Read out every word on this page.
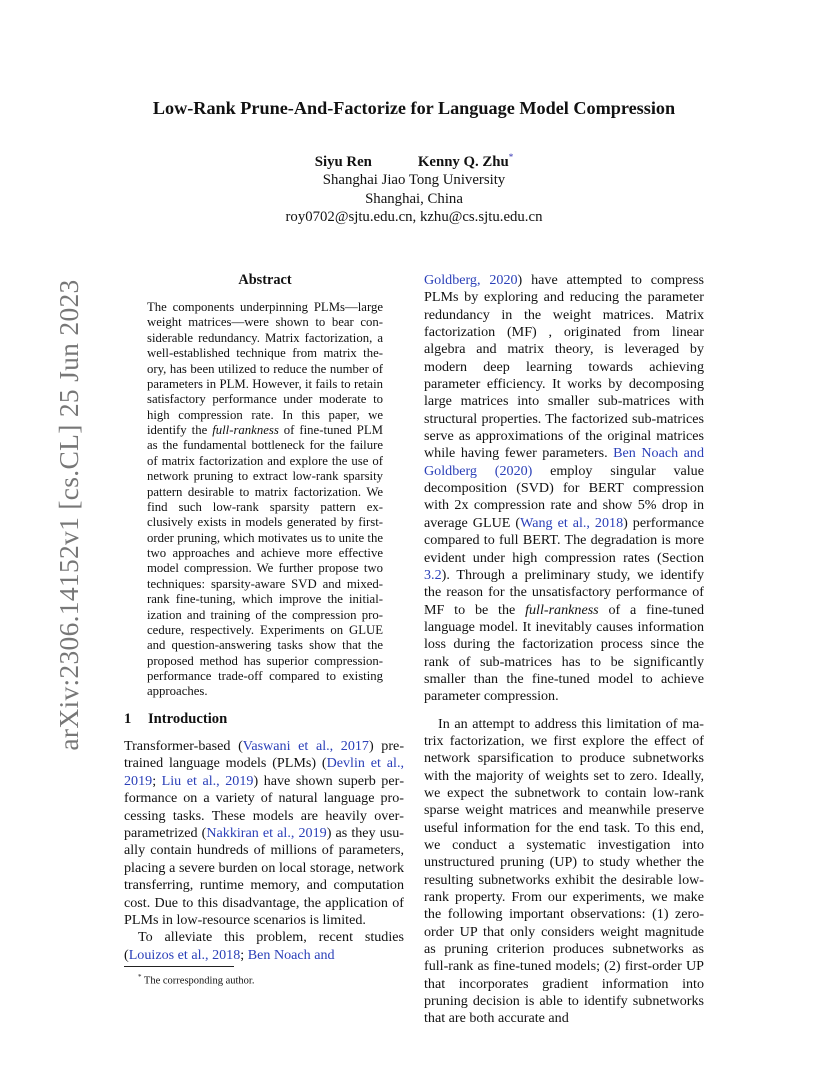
arXiv:2306.14152v1 [cs.CL] 25 Jun 2023
Low-Rank Prune-And-Factorize for Language Model Compression
Siyu Ren	Kenny Q. Zhu*
Shanghai Jiao Tong University
Shanghai, China
roy0702@sjtu.edu.cn, kzhu@cs.sjtu.edu.cn
Abstract

The components underpinning PLMs—large weight matrices—were shown to bear considerable redundancy. Matrix factorization, a well-established technique from matrix theory, has been utilized to reduce the number of parameters in PLM. However, it fails to retain satisfactory performance under moderate to high compression rate. In this paper, we identify the full-rankness of fine-tuned PLM as the fundamental bottleneck for the failure of matrix factorization and explore the use of network pruning to extract low-rank sparsity pattern desirable to matrix factorization. We find such low-rank sparsity pattern exclusively exists in models generated by first-order pruning, which motivates us to unite the two approaches and achieve more effective model compression. We further propose two techniques: sparsity-aware SVD and mixed-rank fine-tuning, which improve the initialization and training of the compression procedure, respectively. Experiments on GLUE and question-answering tasks show that the proposed method has superior compression-performance trade-off compared to existing approaches.

1 Introduction

Transformer-based (Vaswani et al., 2017) pretrained language models (PLMs) (Devlin et al., 2019; Liu et al., 2019) have shown superb performance on a variety of natural language processing tasks. These models are heavily overparametrized (Nakkiran et al., 2019) as they usually contain hundreds of millions of parameters, placing a severe burden on local storage, network transferring, runtime memory, and computation cost. Due to this disadvantage, the application of PLMs in low-resource scenarios is limited.

To alleviate this problem, recent studies (Louizos et al., 2018; Ben Noach and

Goldberg, 2020) have attempted to compress PLMs by exploring and reducing the parameter redundancy in the weight matrices. Matrix factorization (MF) , originated from linear algebra and matrix theory, is leveraged by modern deep learning towards achieving parameter efficiency. It works by decomposing large matrices into smaller sub-matrices with structural properties. The factorized sub-matrices serve as approximations of the original matrices while having fewer parameters. Ben Noach and Goldberg (2020) employ singular value decomposition (SVD) for BERT compression with 2x compression rate and show 5% drop in average GLUE (Wang et al., 2018) performance compared to full BERT. The degradation is more evident under high compression rates (Section 3.2). Through a preliminary study, we identify the reason for the unsatisfactory performance of MF to be the full-rankness of a fine-tuned language model. It inevitably causes information loss during the factorization process since the rank of sub-matrices has to be significantly smaller than the fine-tuned model to achieve parameter compression.

In an attempt to address this limitation of matrix factorization, we first explore the effect of network sparsification to produce subnetworks with the majority of weights set to zero. Ideally, we expect the subnetwork to contain low-rank sparse weight matrices and meanwhile preserve useful information for the end task. To this end, we conduct a systematic investigation into unstructured pruning (UP) to study whether the resulting subnetworks exhibit the desirable low-rank property. From our experiments, we make the following important observations: (1) zero-order UP that only considers weight magnitude as pruning criterion produces subnetworks as full-rank as fine-tuned models; (2) first-order UP that incorporates gradient information into pruning decision is able to identify subnetworks that are both accurate and

* The corresponding author.
